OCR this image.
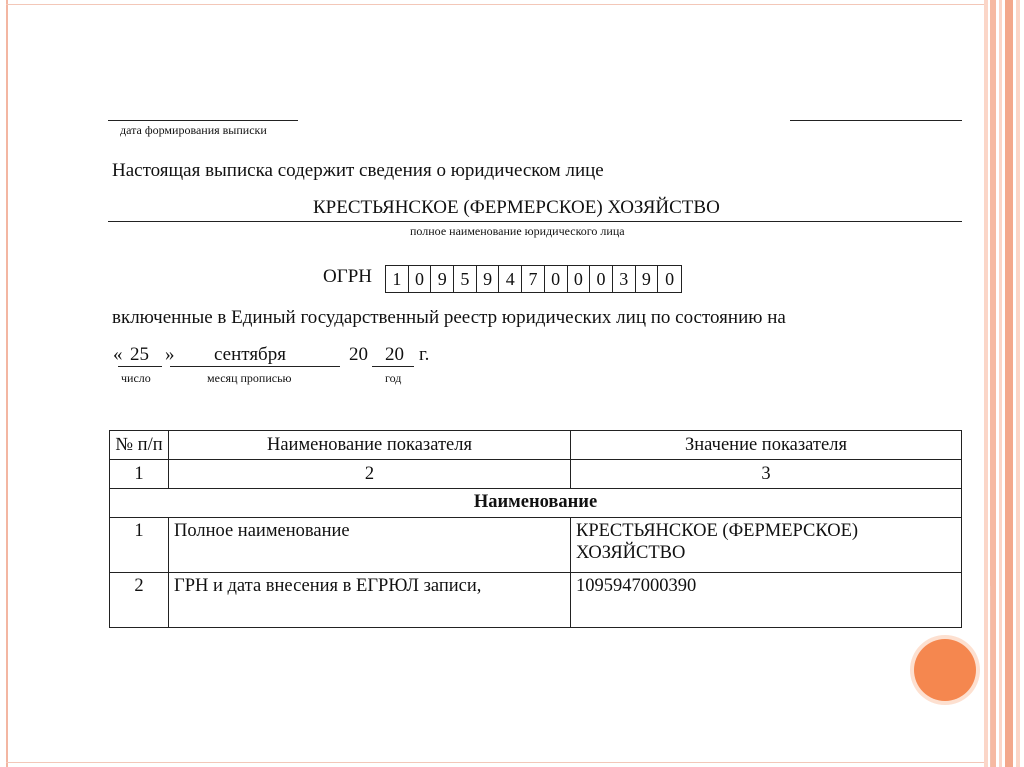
дата формирования выписки
Настоящая выписка содержит сведения о юридическом лице
КРЕСТЬЯНСКОЕ (ФЕРМЕРСКОЕ) ХОЗЯЙСТВО
полное наименование юридического лица
ОГРН	1 0 9 5 9 4 7 0 0 0 3 9 0
включенные в Единый государственный реестр юридических лиц по состоянию на
« 25 » сентября	20 20 г.
число	месяц прописью	год
№ п/п	Наименование показателя	Значение показателя
1	2	3
Наименование		
1	Полное наименование	КРЕСТЬЯНСКОЕ (ФЕРМЕРСКОЕ)
ХОЗЯЙСТВО
2	ГРН и дата внесения в ЕГРЮЛ записи,	1095947000390
